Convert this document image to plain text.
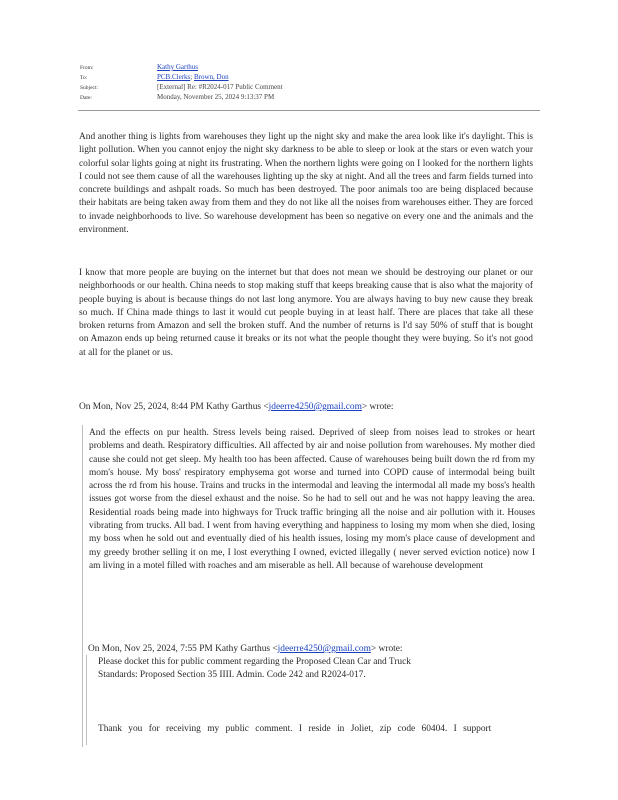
From:	Kathy Garthus
To:	PCB.Clerks; Brown, Don
Subject:	[External] Re: #R2024-017 Public Comment
Date:	Monday, November 25, 2024 9:13:37 PM

And another thing is lights from warehouses they light up the night sky and make the area look like it's daylight. This is light pollution. When you cannot enjoy the night sky darkness to be able to sleep or look at the stars or even watch your colorful solar lights going at night its frustrating. When the northern lights were going on I looked for the northern lights I could not see them cause of all the warehouses lighting up the sky at night. And all the trees and farm fields turned into concrete buildings and ashpalt roads. So much has been destroyed. The poor animals too are being displaced because their habitats are being taken away from them and they do not like all the noises from warehouses either. They are forced to invade neighborhoods to live. So warehouse development has been so negative on every one and the animals and the environment.

I know that more people are buying on the internet but that does not mean we should be destroying our planet or our neighborhoods or our health. China needs to stop making stuff that keeps breaking cause that is also what the majority of people buying is about is because things do not last long anymore. You are always having to buy new cause they break so much. If China made things to last it would cut people buying in at least half. There are places that take all these broken returns from Amazon and sell the broken stuff. And the number of returns is I'd say 50% of stuff that is bought on Amazon ends up being returned cause it breaks or its not what the people thought they were buying. So it's not good at all for the planet or us.

On Mon, Nov 25, 2024, 8:44 PM Kathy Garthus <jdeerre4250@gmail.com> wrote:

And the effects on pur health. Stress levels being raised. Deprived of sleep from noises lead to strokes or heart problems and death. Respiratory difficulties. All affected by air and noise pollution from warehouses. My mother died cause she could not get sleep. My health too has been affected. Cause of warehouses being built down the rd from my mom's house. My boss' respiratory emphysema got worse and turned into COPD cause of intermodal being built across the rd from his house. Trains and trucks in the intermodal and leaving the intermodal all made my boss's health issues got worse from the diesel exhaust and the noise. So he had to sell out and he was not happy leaving the area. Residential roads being made into highways for Truck traffic bringing all the noise and air pollution with it. Houses vibrating from trucks. All bad. I went from having everything and happiness to losing my mom when she died, losing my boss when he sold out and eventually died of his health issues, losing my mom's place cause of development and my greedy brother selling it on me, I lost everything I owned, evicted illegally ( never served eviction notice) now I am living in a motel filled with roaches and am miserable as hell. All because of warehouse development

On Mon, Nov 25, 2024, 7:55 PM Kathy Garthus <jdeerre4250@gmail.com> wrote:

Please docket this for public comment regarding the Proposed Clean Car and Truck Standards: Proposed Section 35 IIII. Admin. Code 242 and R2024-017.

Thank you for receiving my public comment. I reside in Joliet, zip code 60404. I support
